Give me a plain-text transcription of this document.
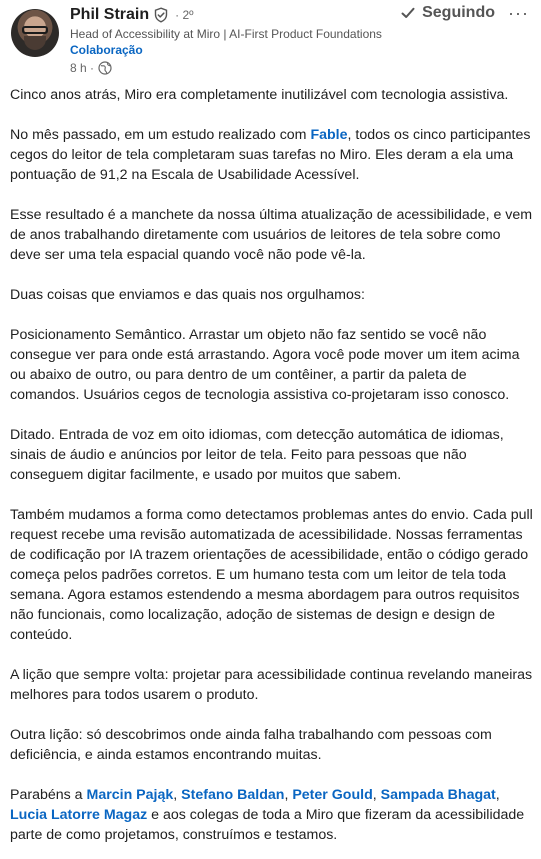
Phil Strain · 2º
Head of Accessibility at Miro | AI-First Product Foundations
Colaboração
8 h ·
Seguindo ···

Cinco anos atrás, Miro era completamente inutilizável com tecnologia assistiva.

No mês passado, em um estudo realizado com Fable, todos os cinco participantes cegos do leitor de tela completaram suas tarefas no Miro. Eles deram a ela uma pontuação de 91,2 na Escala de Usabilidade Acessível.

Esse resultado é a manchete da nossa última atualização de acessibilidade, e vem de anos trabalhando diretamente com usuários de leitores de tela sobre como deve ser uma tela espacial quando você não pode vê-la.

Duas coisas que enviamos e das quais nos orgulhamos:

Posicionamento Semântico. Arrastar um objeto não faz sentido se você não consegue ver para onde está arrastando. Agora você pode mover um item acima ou abaixo de outro, ou para dentro de um contêiner, a partir da paleta de comandos. Usuários cegos de tecnologia assistiva co-projetaram isso conosco.

Ditado. Entrada de voz em oito idiomas, com detecção automática de idiomas, sinais de áudio e anúncios por leitor de tela. Feito para pessoas que não conseguem digitar facilmente, e usado por muitos que sabem.

Também mudamos a forma como detectamos problemas antes do envio. Cada pull request recebe uma revisão automatizada de acessibilidade. Nossas ferramentas de codificação por IA trazem orientações de acessibilidade, então o código gerado começa pelos padrões corretos. E um humano testa com um leitor de tela toda semana. Agora estamos estendendo a mesma abordagem para outros requisitos não funcionais, como localização, adoção de sistemas de design e design de conteúdo.

A lição que sempre volta: projetar para acessibilidade continua revelando maneiras melhores para todos usarem o produto.

Outra lição: só descobrimos onde ainda falha trabalhando com pessoas com deficiência, e ainda estamos encontrando muitas.

Parabéns a Marcin Pająk, Stefano Baldan, Peter Gould, Sampada Bhagat, Lucia Latorre Magaz e aos colegas de toda a Miro que fizeram da acessibilidade parte de como projetamos, construímos e testamos.
